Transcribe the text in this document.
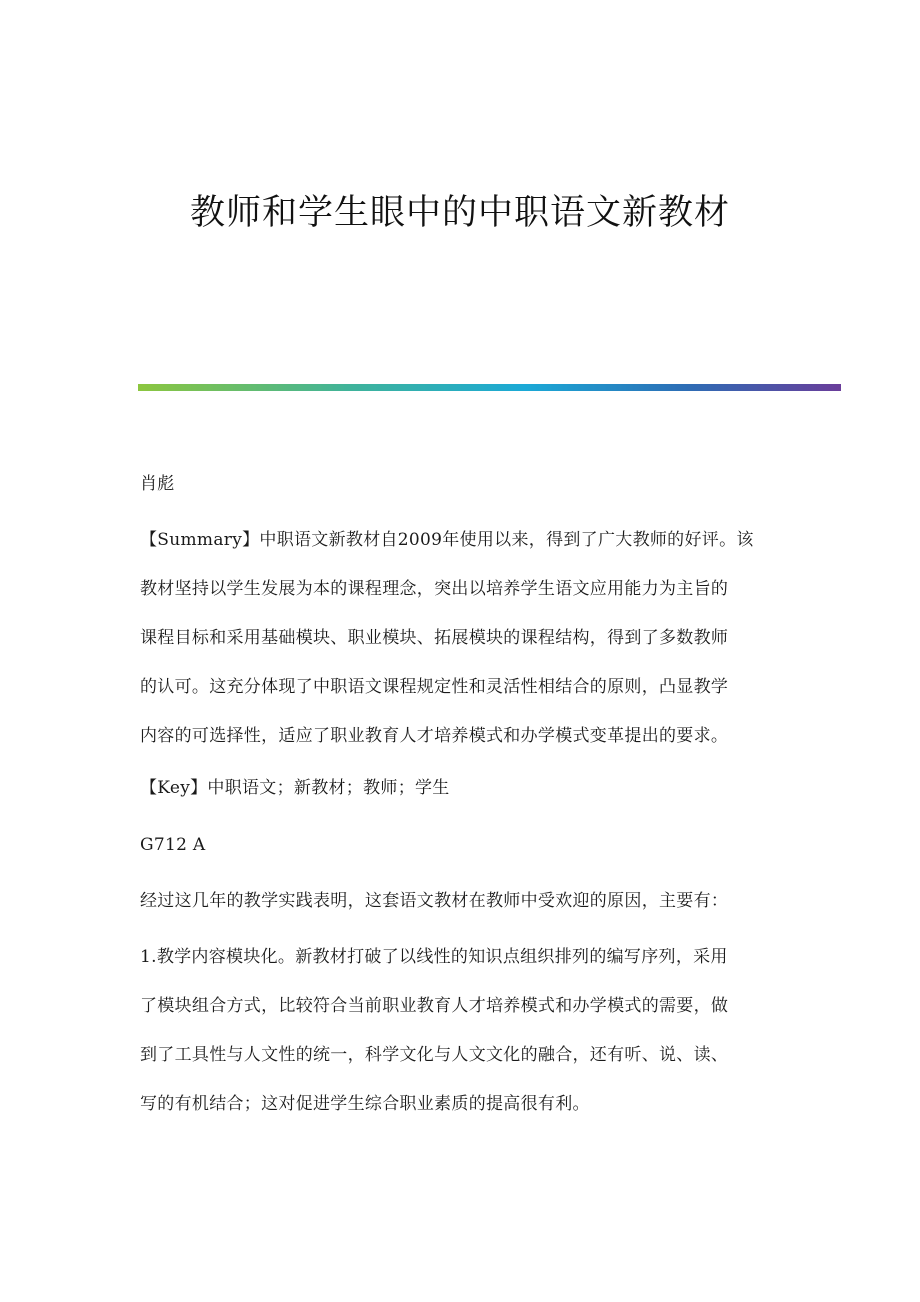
教师和学生眼中的中职语文新教材
肖彪
【Summary】中职语文新教材自2009年使用以来，得到了广大教师的好评。该
教材坚持以学生发展为本的课程理念，突出以培养学生语文应用能力为主旨的
课程目标和采用基础模块、职业模块、拓展模块的课程结构，得到了多数教师
的认可。这充分体现了中职语文课程规定性和灵活性相结合的原则，凸显教学
内容的可选择性，适应了职业教育人才培养模式和办学模式变革提出的要求。
【Key】中职语文；新教材；教师；学生
G712 A
经过这几年的教学实践表明，这套语文教材在教师中受欢迎的原因，主要有：
1.教学内容模块化。新教材打破了以线性的知识点组织排列的编写序列，采用
了模块组合方式，比较符合当前职业教育人才培养模式和办学模式的需要，做
到了工具性与人文性的统一，科学文化与人文文化的融合，还有听、说、读、
写的有机结合；这对促进学生综合职业素质的提高很有利。
